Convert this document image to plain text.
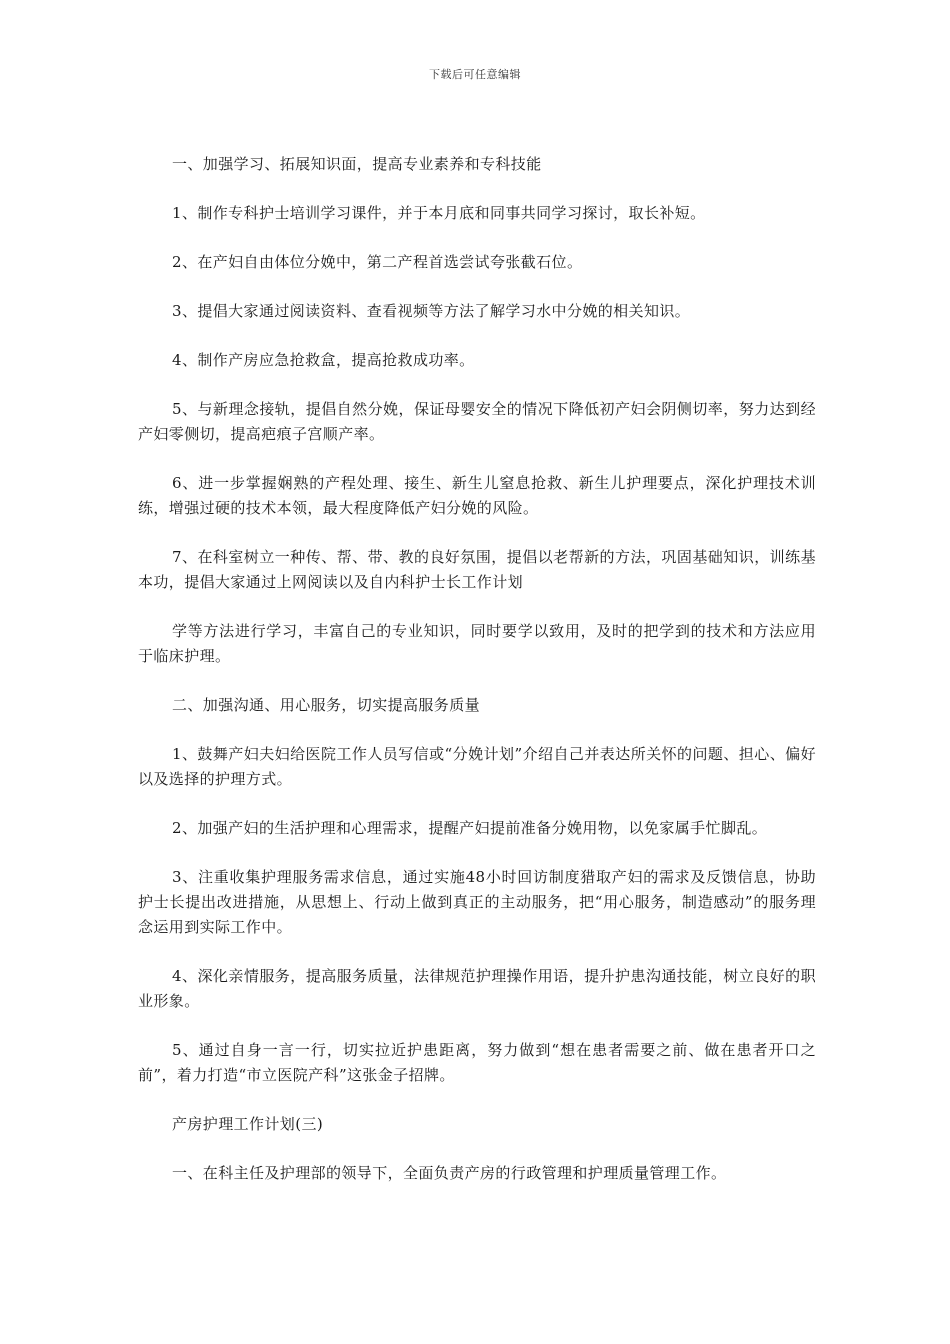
下载后可任意编辑

一、加强学习、拓展知识面，提高专业素养和专科技能

1、制作专科护士培训学习课件，并于本月底和同事共同学习探讨，取长补短。

2、在产妇自由体位分娩中，第二产程首选尝试夸张截石位。

3、提倡大家通过阅读资料、查看视频等方法了解学习水中分娩的相关知识。

4、制作产房应急抢救盒，提高抢救成功率。

5、与新理念接轨，提倡自然分娩，保证母婴安全的情况下降低初产妇会阴侧切率，努力达到经产妇零侧切，提高疤痕子宫顺产率。

6、进一步掌握娴熟的产程处理、接生、新生儿窒息抢救、新生儿护理要点，深化护理技术训练，增强过硬的技术本领，最大程度降低产妇分娩的风险。

7、在科室树立一种传、帮、带、教的良好氛围，提倡以老帮新的方法，巩固基础知识，训练基本功，提倡大家通过上网阅读以及自内科护士长工作计划

学等方法进行学习，丰富自己的专业知识，同时要学以致用，及时的把学到的技术和方法应用于临床护理。

二、加强沟通、用心服务，切实提高服务质量

1、鼓舞产妇夫妇给医院工作人员写信或“分娩计划”介绍自己并表达所关怀的问题、担心、偏好以及选择的护理方式。

2、加强产妇的生活护理和心理需求，提醒产妇提前准备分娩用物，以免家属手忙脚乱。

3、注重收集护理服务需求信息，通过实施48小时回访制度猎取产妇的需求及反馈信息，协助护士长提出改进措施，从思想上、行动上做到真正的主动服务，把“用心服务，制造感动”的服务理念运用到实际工作中。

4、深化亲情服务，提高服务质量，法律规范护理操作用语，提升护患沟通技能，树立良好的职业形象。

5、通过自身一言一行，切实拉近护患距离，努力做到“想在患者需要之前、做在患者开口之前”，着力打造“市立医院产科”这张金子招牌。

产房护理工作计划(三)

一、在科主任及护理部的领导下，全面负责产房的行政管理和护理质量管理工作。
